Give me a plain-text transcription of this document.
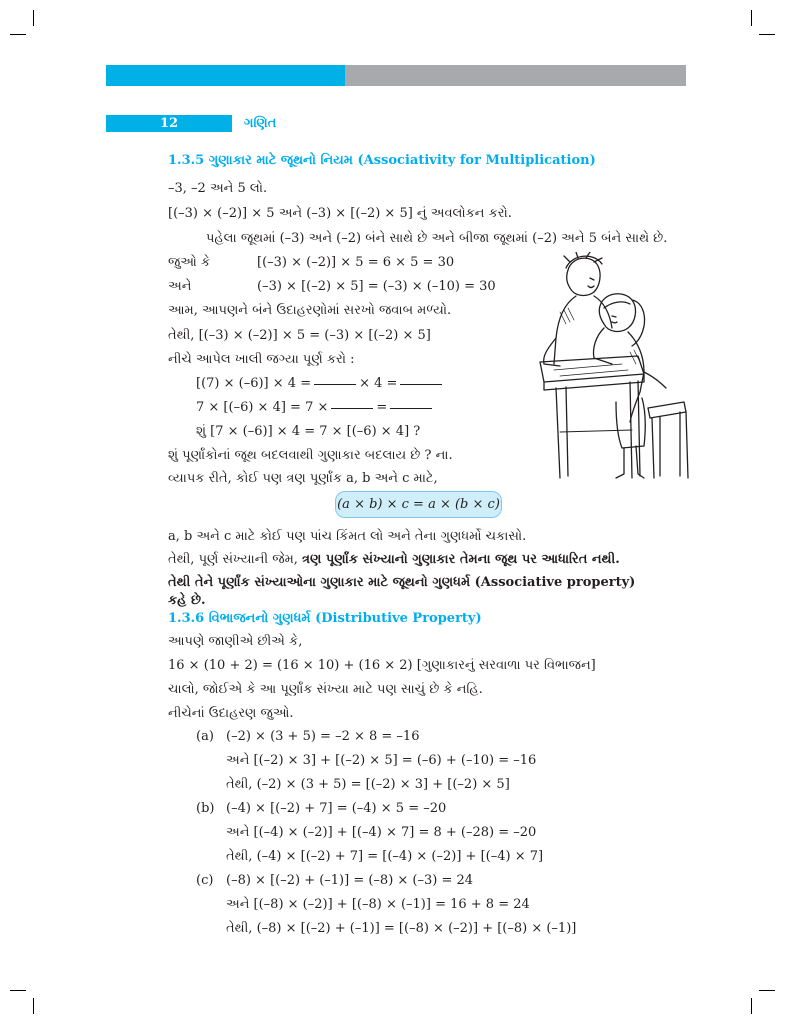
12	ગણિત
1.3.5 ગુણાકાર માટે જૂથનો નિયમ (Associativity for Multiplication)
–3, –2 અને 5 લો.
[(–3) × (–2)] × 5 અને (–3) × [(–2) × 5] નું અવલોકન કરો.
પહેલા જૂથમાં (–3) અને (–2) બંને સાથે છે અને બીજા જૂથમાં (–2) અને 5 બંને સાથે છે.
જુઓ કે	[(–3) × (–2)] × 5 = 6 × 5 = 30
અને	(–3) × [(–2) × 5] = (–3) × (–10) = 30
આમ, આપણને બંને ઉદાહરણોમાં સરખો જવાબ મળ્યો.
તેથી, [(–3) × (–2)] × 5 = (–3) × [(–2) × 5]
નીચે આપેલ ખાલી જગ્યા પૂર્ણ કરો :
[(7) × (–6)] × 4 =	× 4 =
7 × [(–6) × 4] = 7 ×	=
શું [7 × (–6)] × 4 = 7 × [(–6) × 4] ?
શું પૂર્ણાંકોનાં જૂથ બદલવાથી ગુણાકાર બદલાય છે ? ના.
વ્યાપક રીતે, કોઈ પણ ત્રણ પૂર્ણાંક a, b અને c માટે,
(a × b) × c = a × (b × c)
a, b અને c માટે કોઈ પણ પાંચ કિંમત લો અને તેના ગુણધર્મો ચકાસો.
તેથી, પૂર્ણ સંખ્યાની જેમ, ત્રણ પૂર્ણાંક સંખ્યાનો ગુણાકાર તેમના જૂથ પર આધારિત નથી.
તેથી તેને પૂર્ણાંક સંખ્યાઓના ગુણાકાર માટે જૂથનો ગુણધર્મ (Associative property)
કહે છે.
1.3.6 વિભાજનનો ગુણધર્મ (Distributive Property)
આપણે જાણીએ છીએ કે,
16 × (10 + 2) = (16 × 10) + (16 × 2) [ગુણાકારનું સરવાળા પર વિભાજન]
ચાલો, જોઈએ કે આ પૂર્ણાંક સંખ્યા માટે પણ સાચું છે કે નહિ.
નીચેનાં ઉદાહરણ જુઓ.
(a) (–2) × (3 + 5) = –2 × 8 = –16
અને [(–2) × 3] + [(–2) × 5] = (–6) + (–10) = –16
તેથી, (–2) × (3 + 5) = [(–2) × 3] + [(–2) × 5]
(b) (–4) × [(–2) + 7] = (–4) × 5 = –20
અને [(–4) × (–2)] + [(–4) × 7] = 8 + (–28) = –20
તેથી, (–4) × [(–2) + 7] = [(–4) × (–2)] + [(–4) × 7]
(c) (–8) × [(–2) + (–1)] = (–8) × (–3) = 24
અને [(–8) × (–2)] + [(–8) × (–1)] = 16 + 8 = 24
તેથી, (–8) × [(–2) + (–1)] = [(–8) × (–2)] + [(–8) × (–1)]
